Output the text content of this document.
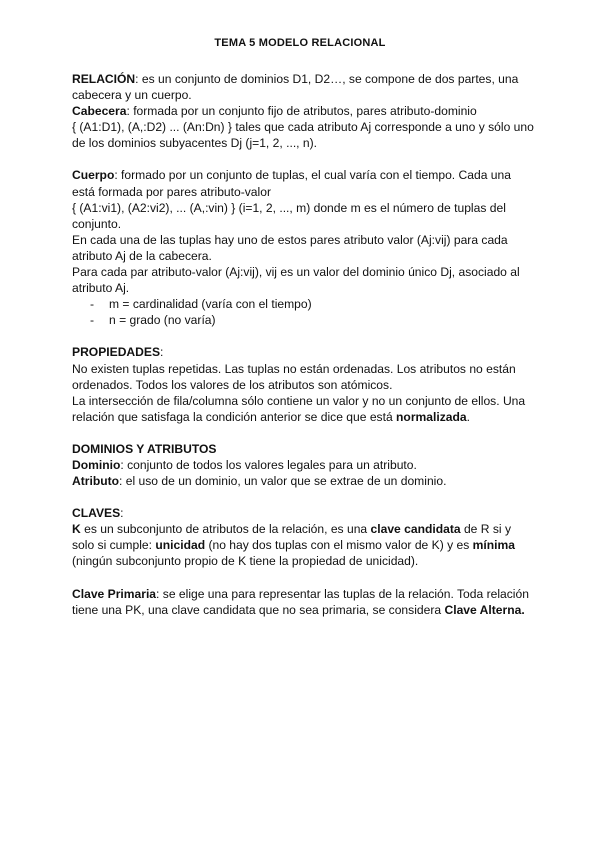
TEMA 5 MODELO RELACIONAL

RELACIÓN: es un conjunto de dominios D1, D2…, se compone de dos partes, una cabecera y un cuerpo.

Cabecera: formada por un conjunto fijo de atributos, pares atributo-dominio

{ (A1:D1), (A,:D2) ... (An:Dn) } tales que cada atributo Aj corresponde a uno y sólo uno de los dominios subyacentes Dj (j=1, 2, ..., n).

Cuerpo: formado por un conjunto de tuplas, el cual varía con el tiempo. Cada una está formada por pares atributo-valor

{ (A1:vi1), (A2:vi2), ... (A,:vin) } (i=1, 2, ..., m) donde m es el número de tuplas del conjunto.

En cada una de las tuplas hay uno de estos pares atributo valor (Aj:vij) para cada atributo Aj de la cabecera.

Para cada par atributo-valor (Aj:vij), vij es un valor del dominio único Dj, asociado al atributo Aj.

- m = cardinalidad (varía con el tiempo)
- n = grado (no varía)

PROPIEDADES:

No existen tuplas repetidas. Las tuplas no están ordenadas. Los atributos no están ordenados. Todos los valores de los atributos son atómicos.

La intersección de fila/columna sólo contiene un valor y no un conjunto de ellos. Una relación que satisfaga la condición anterior se dice que está normalizada.

DOMINIOS Y ATRIBUTOS

Dominio: conjunto de todos los valores legales para un atributo.

Atributo: el uso de un dominio, un valor que se extrae de un dominio.

CLAVES:

K es un subconjunto de atributos de la relación, es una clave candidata de R si y solo si cumple: unicidad (no hay dos tuplas con el mismo valor de K) y es mínima (ningún subconjunto propio de K tiene la propiedad de unicidad).

Clave Primaria: se elige una para representar las tuplas de la relación. Toda relación tiene una PK, una clave candidata que no sea primaria, se considera Clave Alterna.
